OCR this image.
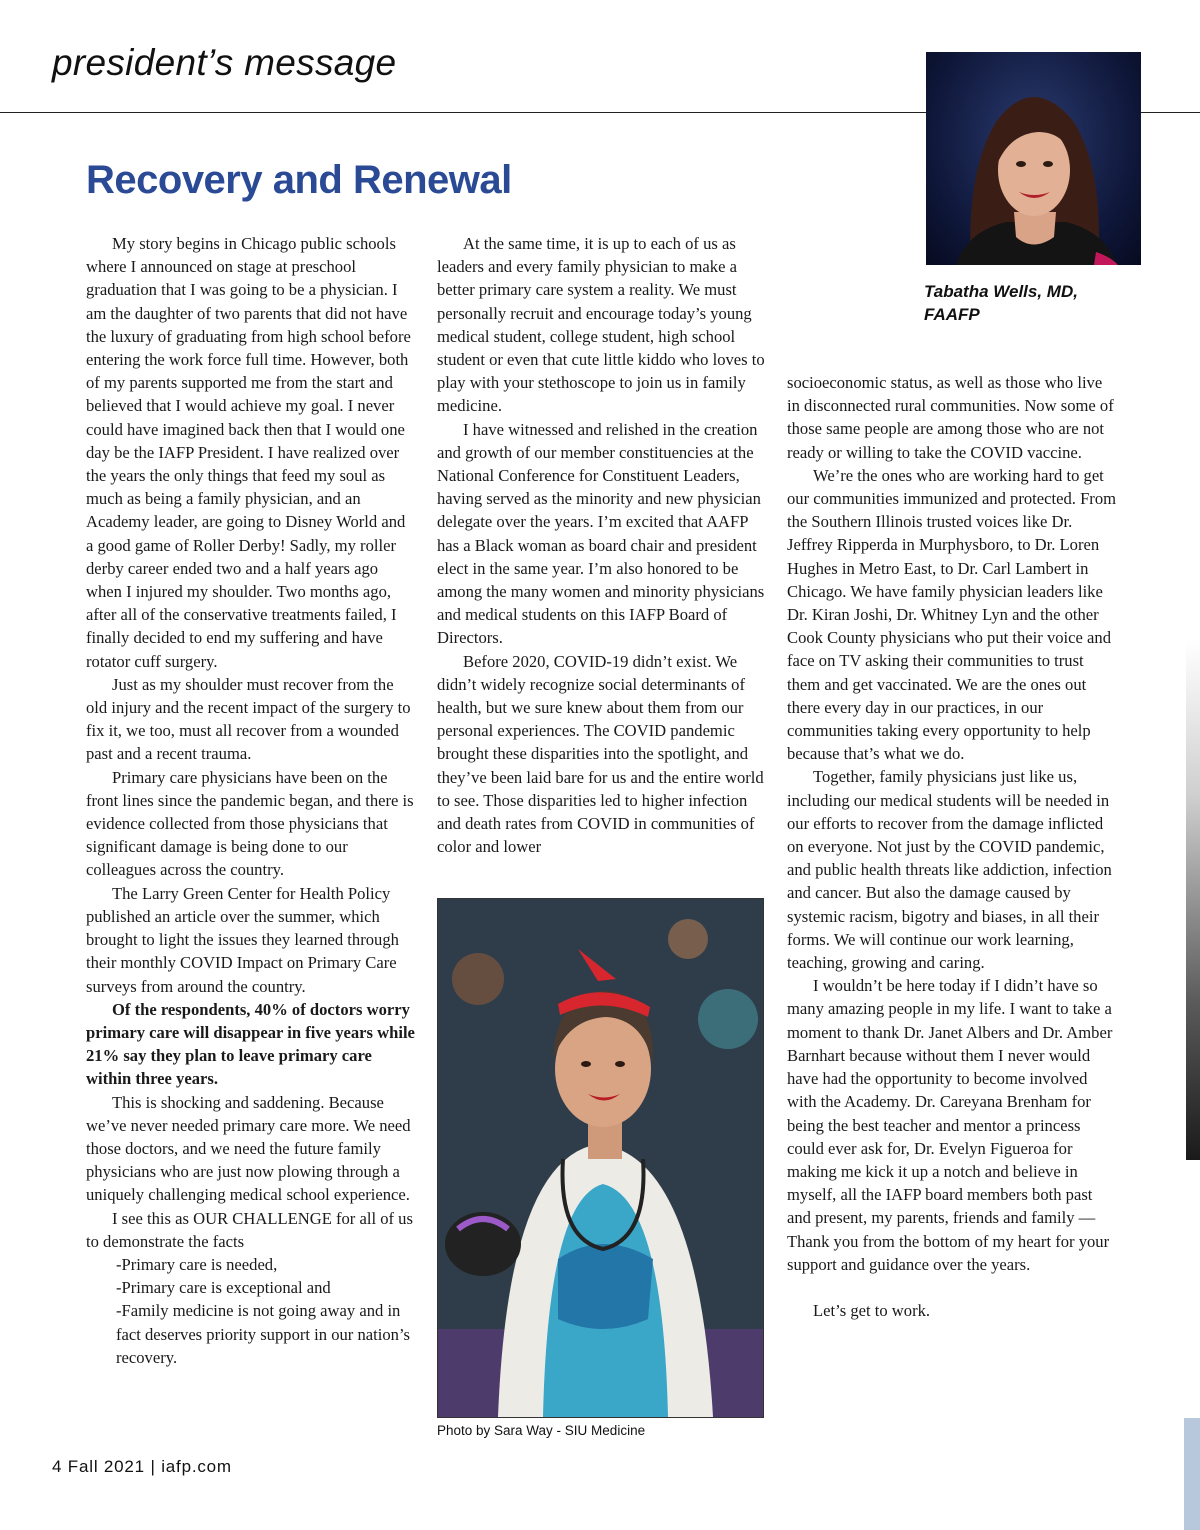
president’s message
Tabatha Wells, MD,
FAAFP
Recovery and Renewal

My story begins in Chicago public schools where I announced on stage at preschool graduation that I was going to be a physician. I am the daughter of two parents that did not have the luxury of graduating from high school before entering the work force full time. However, both of my parents supported me from the start and believed that I would achieve my goal. I never could have imagined back then that I would one day be the IAFP President. I have realized over the years the only things that feed my soul as much as being a family physician, and an Academy leader, are going to Disney World and a good game of Roller Derby! Sadly, my roller derby career ended two and a half years ago when I injured my shoulder. Two months ago, after all of the conservative treatments failed, I finally decided to end my suffering and have rotator cuff surgery.

Just as my shoulder must recover from the old injury and the recent impact of the surgery to fix it, we too, must all recover from a wounded past and a recent trauma.

Primary care physicians have been on the front lines since the pandemic began, and there is evidence collected from those physicians that significant damage is being done to our colleagues across the country.

The Larry Green Center for Health Policy published an article over the summer, which brought to light the issues they learned through their monthly COVID Impact on Primary Care surveys from around the country.

Of the respondents, 40% of doctors worry primary care will disappear in five years while 21% say they plan to leave primary care within three years.

This is shocking and saddening. Because we’ve never needed primary care more. We need those doctors, and we need the future family physicians who are just now plowing through a uniquely challenging medical school experience.

I see this as OUR CHALLENGE for all of us to demonstrate the facts

-Primary care is needed,

-Primary care is exceptional and

-Family medicine is not going away and in fact deserves priority support in our nation’s recovery.

At the same time, it is up to each of us as leaders and every family physician to make a better primary care system a reality. We must personally recruit and encourage today’s young medical student, college student, high school student or even that cute little kiddo who loves to play with your stethoscope to join us in family medicine.

I have witnessed and relished in the creation and growth of our member constituencies at the National Conference for Constituent Leaders, having served as the minority and new physician delegate over the years. I’m excited that AAFP has a Black woman as board chair and president elect in the same year. I’m also honored to be among the many women and minority physicians and medical students on this IAFP Board of Directors.

Before 2020, COVID-19 didn’t exist. We didn’t widely recognize social determinants of health, but we sure knew about them from our personal experiences. The COVID pandemic brought these disparities into the spotlight, and they’ve been laid bare for us and the entire world to see. Those disparities led to higher infection and death rates from COVID in communities of color and lower

Photo by Sara Way - SIU Medicine

socioeconomic status, as well as those who live in disconnected rural communities. Now some of those same people are among those who are not ready or willing to take the COVID vaccine.

We’re the ones who are working hard to get our communities immunized and protected. From the Southern Illinois trusted voices like Dr. Jeffrey Ripperda in Murphysboro, to Dr. Loren Hughes in Metro East, to Dr. Carl Lambert in Chicago. We have family physician leaders like Dr. Kiran Joshi, Dr. Whitney Lyn and the other Cook County physicians who put their voice and face on TV asking their communities to trust them and get vaccinated. We are the ones out there every day in our practices, in our communities taking every opportunity to help because that’s what we do.

Together, family physicians just like us, including our medical students will be needed in our efforts to recover from the damage inflicted on everyone. Not just by the COVID pandemic, and public health threats like addiction, infection and cancer. But also the damage caused by systemic racism, bigotry and biases, in all their forms. We will continue our work learning, teaching, growing and caring.

I wouldn’t be here today if I didn’t have so many amazing people in my life. I want to take a moment to thank Dr. Janet Albers and Dr. Amber Barnhart because without them I never would have had the opportunity to become involved with the Academy. Dr. Careyana Brenham for being the best teacher and mentor a princess could ever ask for, Dr. Evelyn Figueroa for making me kick it up a notch and believe in myself, all the IAFP board members both past and present, my parents, friends and family —Thank you from the bottom of my heart for your support and guidance over the years.

Let’s get to work.

4 Fall 2021 | iafp.com
